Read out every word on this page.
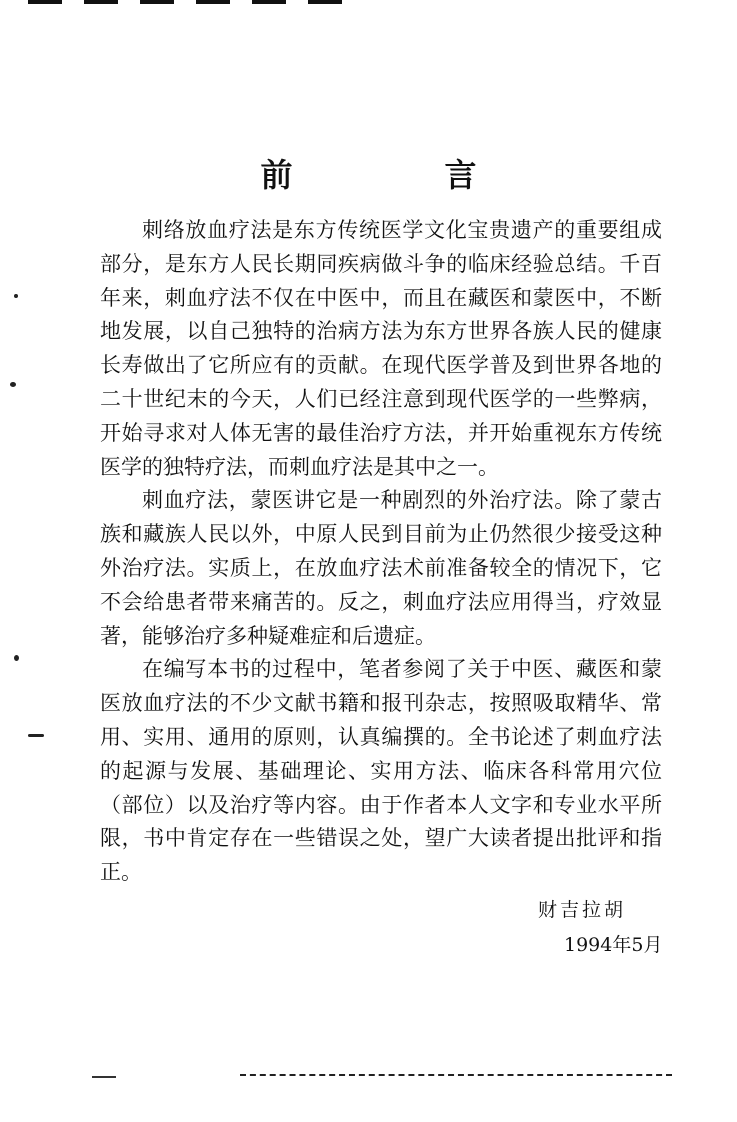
前　言
刺络放血疗法是东方传统医学文化宝贵遗产的重要组成
部分，是东方人民长期同疾病做斗争的临床经验总结。千百
年来，刺血疗法不仅在中医中，而且在藏医和蒙医中，不断
地发展，以自己独特的治病方法为东方世界各族人民的健康
长寿做出了它所应有的贡献。在现代医学普及到世界各地的
二十世纪末的今天，人们已经注意到现代医学的一些弊病，
开始寻求对人体无害的最佳治疗方法，并开始重视东方传统
医学的独特疗法，而刺血疗法是其中之一。
刺血疗法，蒙医讲它是一种剧烈的外治疗法。除了蒙古
族和藏族人民以外，中原人民到目前为止仍然很少接受这种
外治疗法。实质上，在放血疗法术前准备较全的情况下，它
不会给患者带来痛苦的。反之，刺血疗法应用得当，疗效显
著，能够治疗多种疑难症和后遗症。
在编写本书的过程中，笔者参阅了关于中医、藏医和蒙
医放血疗法的不少文献书籍和报刊杂志，按照吸取精华、常
用、实用、通用的原则，认真编撰的。全书论述了刺血疗法
的起源与发展、基础理论、实用方法、临床各科常用穴位
（部位）以及治疗等内容。由于作者本人文字和专业水平所
限，书中肯定存在一些错误之处，望广大读者提出批评和指
正。
财吉拉胡
1994年5月
